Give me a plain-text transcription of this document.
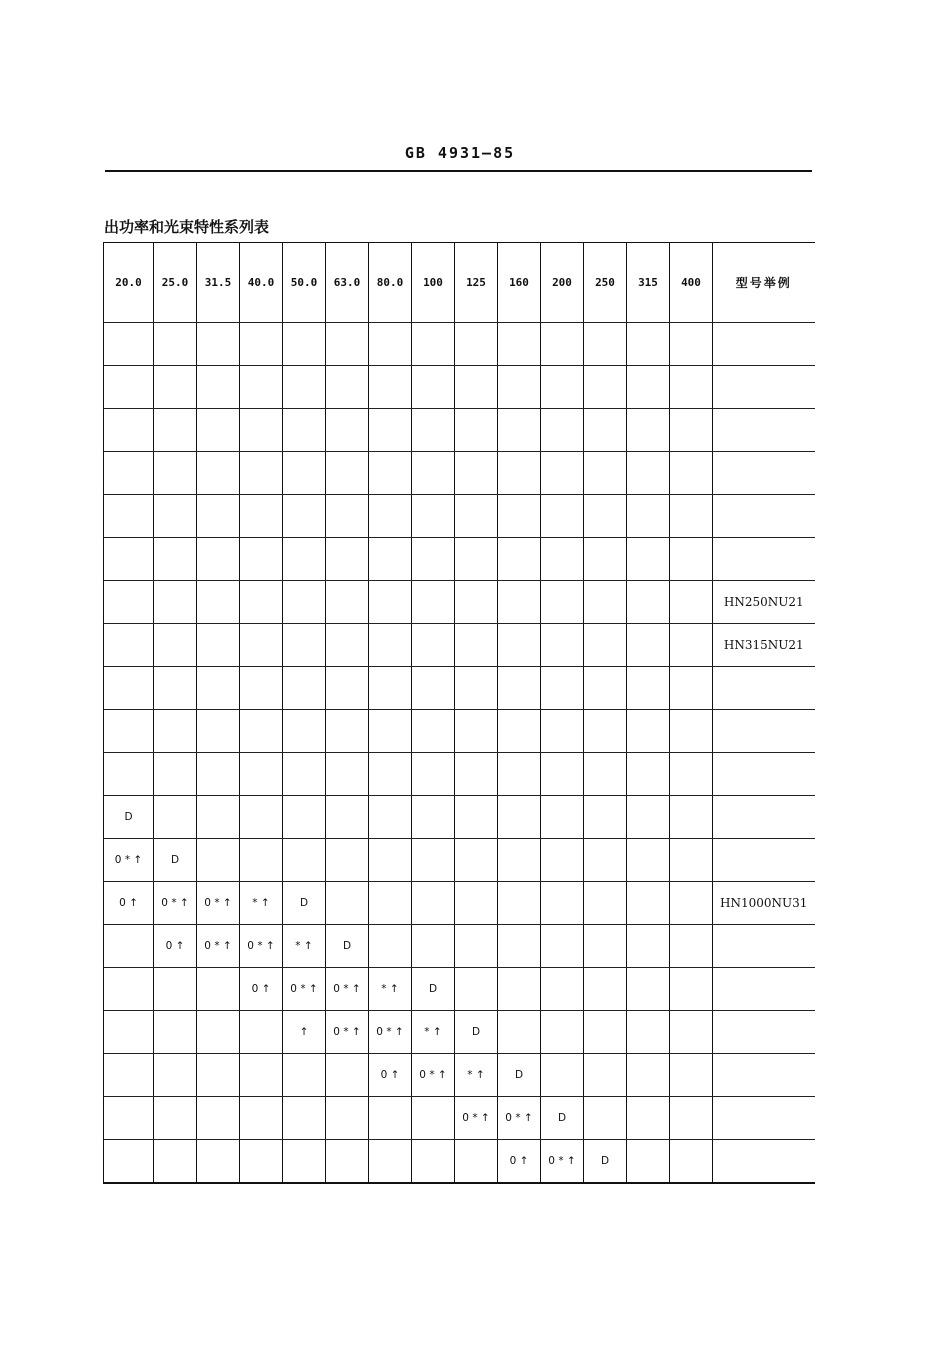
GB 4931—85
出功率和光束特性系列表
20.0	25.0	31.5	40.0	50.0	63.0	80.0	100	125	160	200	250	315	400	型号举例

														HN250NU21
														HN315NU21

D														
0 * ↑	D													
0 ↑	0 * ↑	0 * ↑	* ↑	D										HN1000NU31
	0 ↑	0 * ↑	0 * ↑	* ↑	D									
			0 ↑	0 * ↑	0 * ↑	* ↑	D							
				↑	0 * ↑	0 * ↑	* ↑	D						
						0 ↑	0 * ↑	* ↑	D					
								0 * ↑	0 * ↑	D				
									0 ↑	0 * ↑	D			
